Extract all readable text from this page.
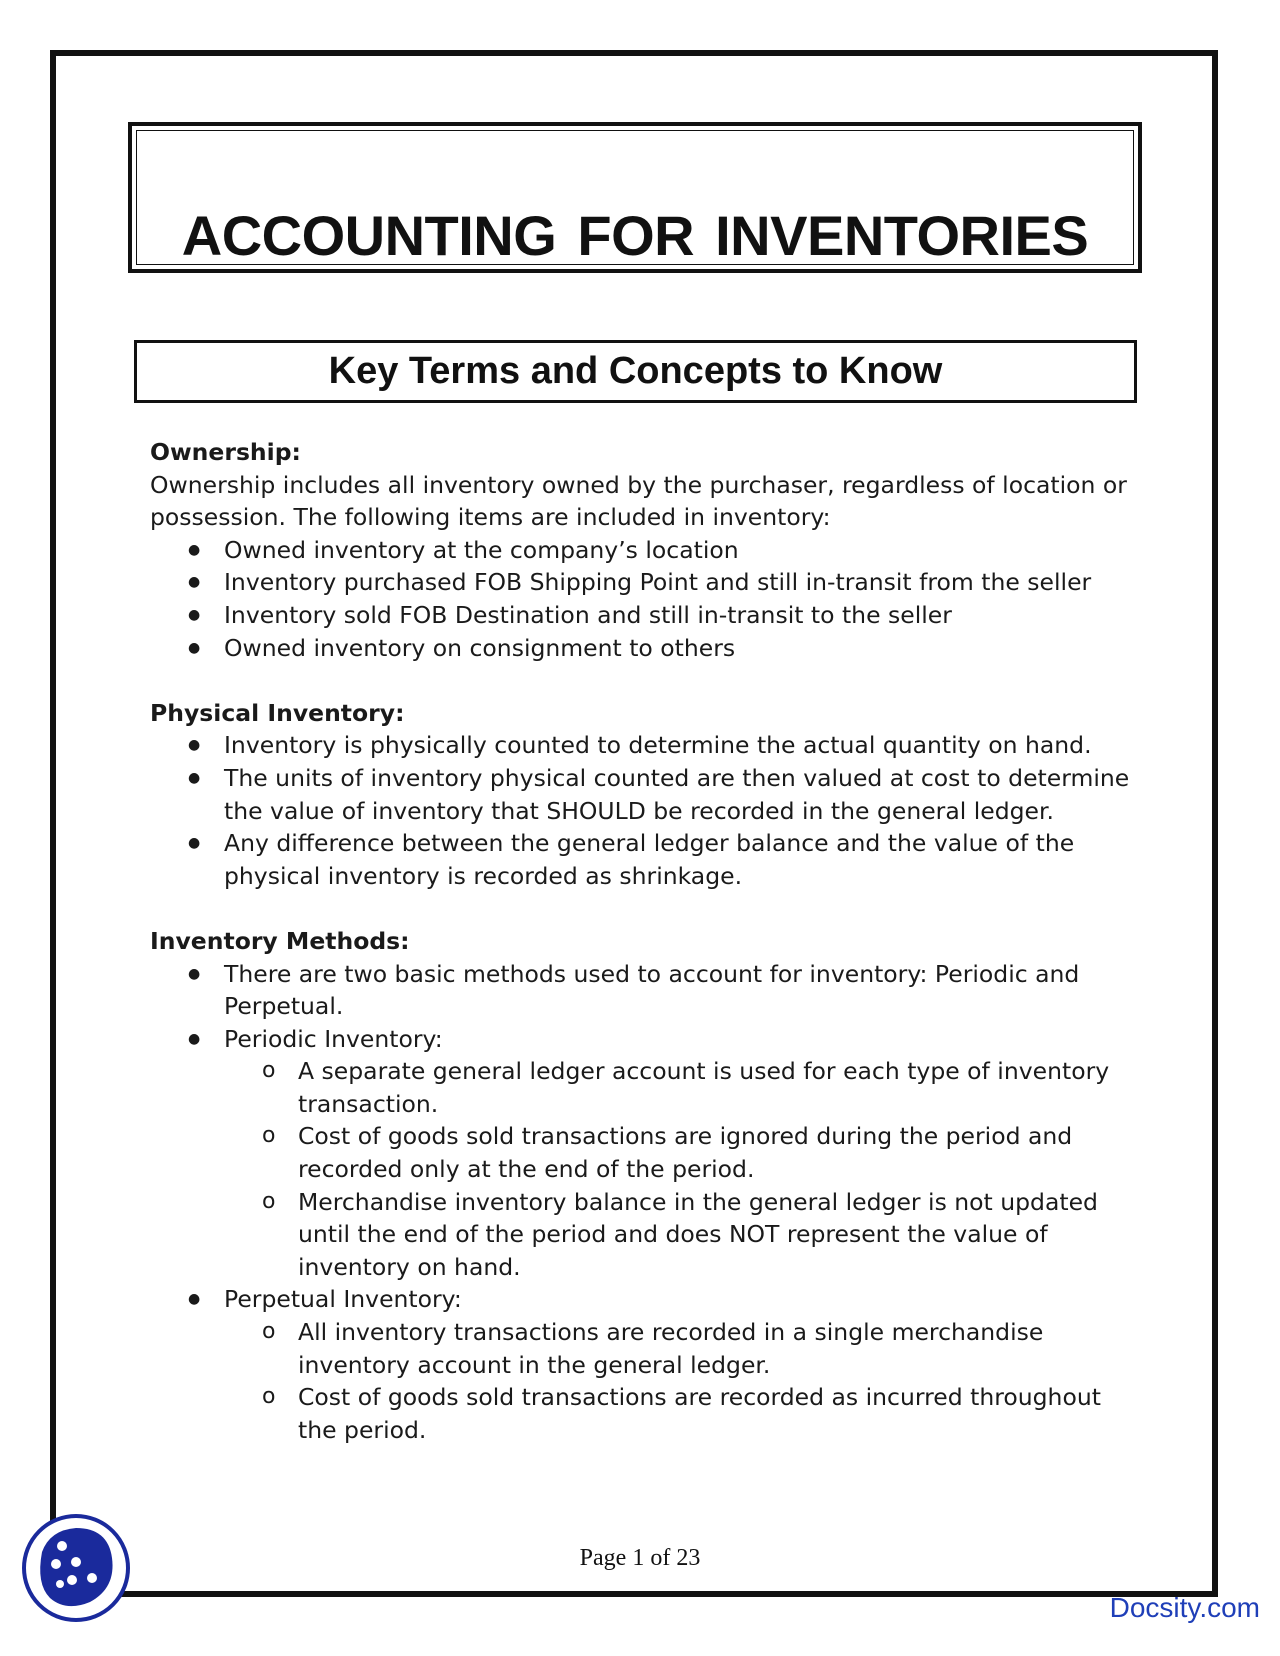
ACCOUNTING FOR INVENTORIES
Key Terms and Concepts to Know

Ownership:

Ownership includes all inventory owned by the purchaser, regardless of location or possession. The following items are included in inventory:

● Owned inventory at the company’s location
● Inventory purchased FOB Shipping Point and still in-transit from the seller
● Inventory sold FOB Destination and still in-transit to the seller
● Owned inventory on consignment to others

Physical Inventory:

● Inventory is physically counted to determine the actual quantity on hand.
● The units of inventory physical counted are then valued at cost to determine the value of inventory that SHOULD be recorded in the general ledger.
● Any difference between the general ledger balance and the value of the physical inventory is recorded as shrinkage.

Inventory Methods:

● There are two basic methods used to account for inventory: Periodic and Perpetual.
● Periodic Inventory:
o A separate general ledger account is used for each type of inventory transaction.
o Cost of goods sold transactions are ignored during the period and recorded only at the end of the period.
o Merchandise inventory balance in the general ledger is not updated until the end of the period and does NOT represent the value of inventory on hand.
● Perpetual Inventory:
o All inventory transactions are recorded in a single merchandise inventory account in the general ledger.
o Cost of goods sold transactions are recorded as incurred throughout the period.
Page 1 of 23
Docsity.com
